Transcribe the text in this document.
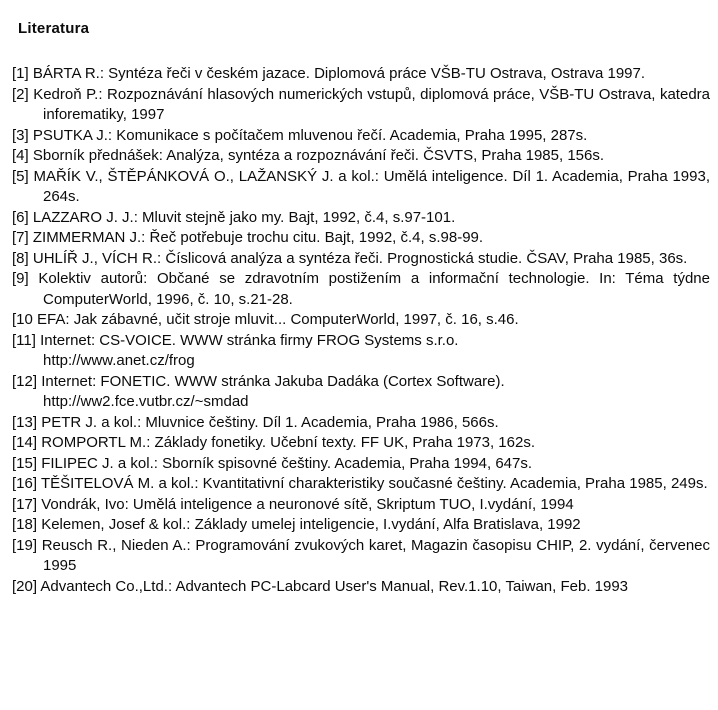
Literatura
[1] BÁRTA R.: Syntéza řeči v českém jazace. Diplomová práce VŠB-TU Ostrava, Ostrava 1997.
[2] Kedroň P.: Rozpoznávání hlasových numerických vstupů, diplomová práce, VŠB-TU Ostrava, katedra inforematiky, 1997
[3] PSUTKA J.: Komunikace s počítačem mluvenou řečí. Academia, Praha 1995, 287s.
[4] Sborník přednášek: Analýza, syntéza a rozpoznávání řeči. ČSVTS, Praha 1985, 156s.
[5] MAŘÍK V., ŠTĚPÁNKOVÁ O., LAŽANSKÝ J. a kol.: Umělá inteligence. Díl 1. Academia, Praha 1993, 264s.
[6] LAZZARO J. J.: Mluvit stejně jako my. Bajt, 1992, č.4, s.97-101.
[7] ZIMMERMAN J.: Řeč potřebuje trochu citu. Bajt, 1992, č.4, s.98-99.
[8] UHLÍŘ J., VÍCH R.: Číslicová analýza a syntéza řeči. Prognostická studie. ČSAV, Praha 1985, 36s.
[9] Kolektiv autorů: Občané se zdravotním postižením a informační technologie. In: Téma týdne ComputerWorld, 1996, č. 10, s.21-28.
[10 EFA: Jak zábavné, učit stroje mluvit... ComputerWorld, 1997, č. 16, s.46.
[11] Internet: CS-VOICE. WWW stránka firmy FROG Systems s.r.o.
http://www.anet.cz/frog
[12] Internet: FONETIC. WWW stránka Jakuba Dadáka (Cortex Software).
http://ww2.fce.vutbr.cz/~smdad
[13] PETR J. a kol.: Mluvnice češtiny. Díl 1. Academia, Praha 1986, 566s.
[14] ROMPORTL M.: Základy fonetiky. Učební texty. FF UK, Praha 1973, 162s.
[15] FILIPEC J. a kol.: Sborník spisovné češtiny. Academia, Praha 1994, 647s.
[16] TĚŠITELOVÁ M. a kol.: Kvantitativní charakteristiky současné češtiny. Academia, Praha 1985, 249s.
[17] Vondrák, Ivo: Umělá inteligence a neuronové sítě, Skriptum TUO, I.vydání, 1994
[18] Kelemen, Josef & kol.: Základy umelej inteligencie, I.vydání, Alfa Bratislava, 1992
[19] Reusch R., Nieden A.: Programování zvukových karet, Magazin časopisu CHIP, 2. vydání, červenec 1995
[20] Advantech Co.,Ltd.: Advantech PC-Labcard User's Manual, Rev.1.10, Taiwan, Feb. 1993
